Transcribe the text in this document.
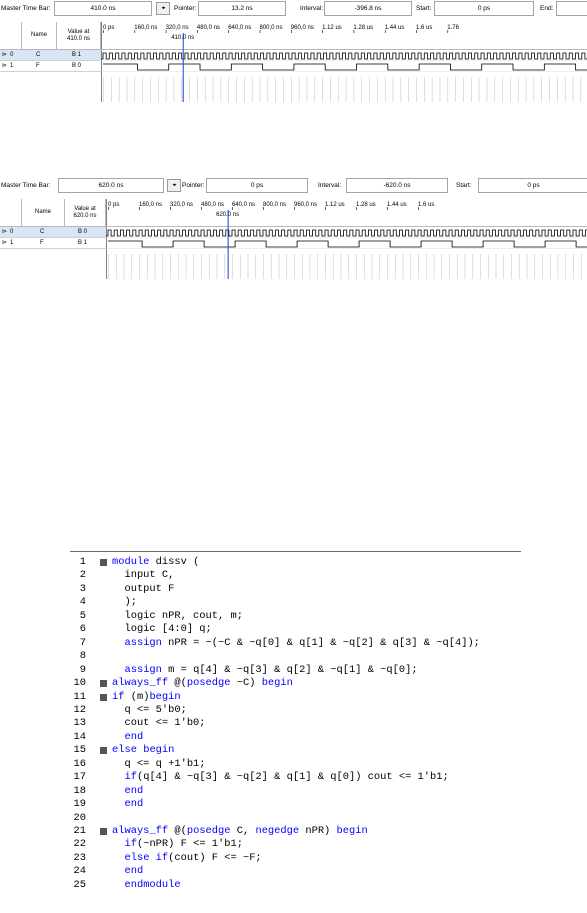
Master Time Bar:	410.0 ns	◂▸	Pointer:	13.2 ns	Interval:	-396.8 ns	Start:	0 ps	End:
Name
Value at
410.0 ns
⊳ 0	C	B 1
⊳ 1	F	B 0
0 ps	160,0 ns 320,0 ns 480,0 ns 640,0 ns 800,0 ns 960,0 ns 1.12 us 1.28 us 1.44 us 1.6 us 1.76
410.0 ns
Master Time Bar:	620.0 ns	◂▸ Pointer:	0 ps	Interval:	-620.0 ns	Start:	0 ps
Name
Value at
620.0 ns
⊳ 0	C	B 0
⊳ 1	F	B 1
0 ps	160,0 ns 320,0 ns 480,0 ns 640,0 ns 800,0 ns 960,0 ns 1.12 us 1.28 us 1.44 us 1.6 us
620.0 ns
1	module dissv (
2	input C,
3	output F
4	);
5	logic nPR, cout, m;
6	logic [4:0] q;
7	assign nPR = ~(~C & ~q[0] & q[1] & ~q[2] & q[3] & ~q[4]);
8
9	assign m = q[4] & ~q[3] & q[2] & ~q[1] & ~q[0];
10	always_ff @(posedge ~C) begin
11	if (m)begin
12	q <= 5'b0;
13	cout <= 1'b0;
14	end
15	else begin
16	q <= q +1'b1;
17	if(q[4] & ~q[3] & ~q[2] & q[1] & q[0]) cout <= 1'b1;
18	end
19	end
20
21	always_ff @(posedge C, negedge nPR) begin
22	if(~nPR) F <= 1'b1;
23	else if(cout) F <= ~F;
24	end
25	endmodule
